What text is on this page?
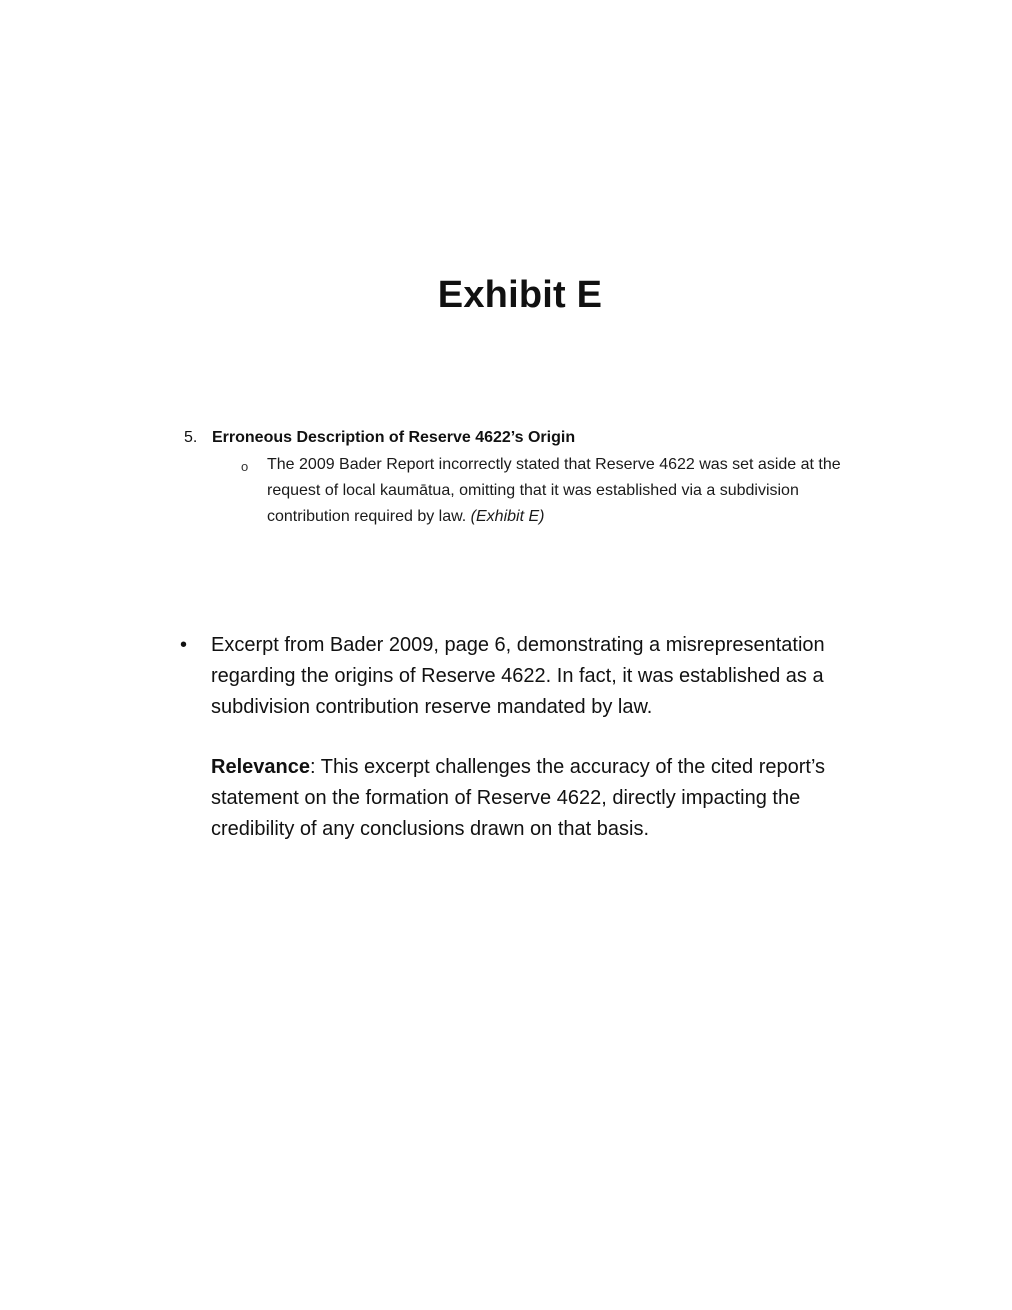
Exhibit E
5. Erroneous Description of Reserve 4622’s Origin
o The 2009 Bader Report incorrectly stated that Reserve 4622 was set aside at the request of local kaumātua, omitting that it was established via a subdivision contribution required by law. (Exhibit E)
• Excerpt from Bader 2009, page 6, demonstrating a misrepresentation regarding the origins of Reserve 4622. In fact, it was established as a subdivision contribution reserve mandated by law.
Relevance: This excerpt challenges the accuracy of the cited report’s statement on the formation of Reserve 4622, directly impacting the credibility of any conclusions drawn on that basis.
